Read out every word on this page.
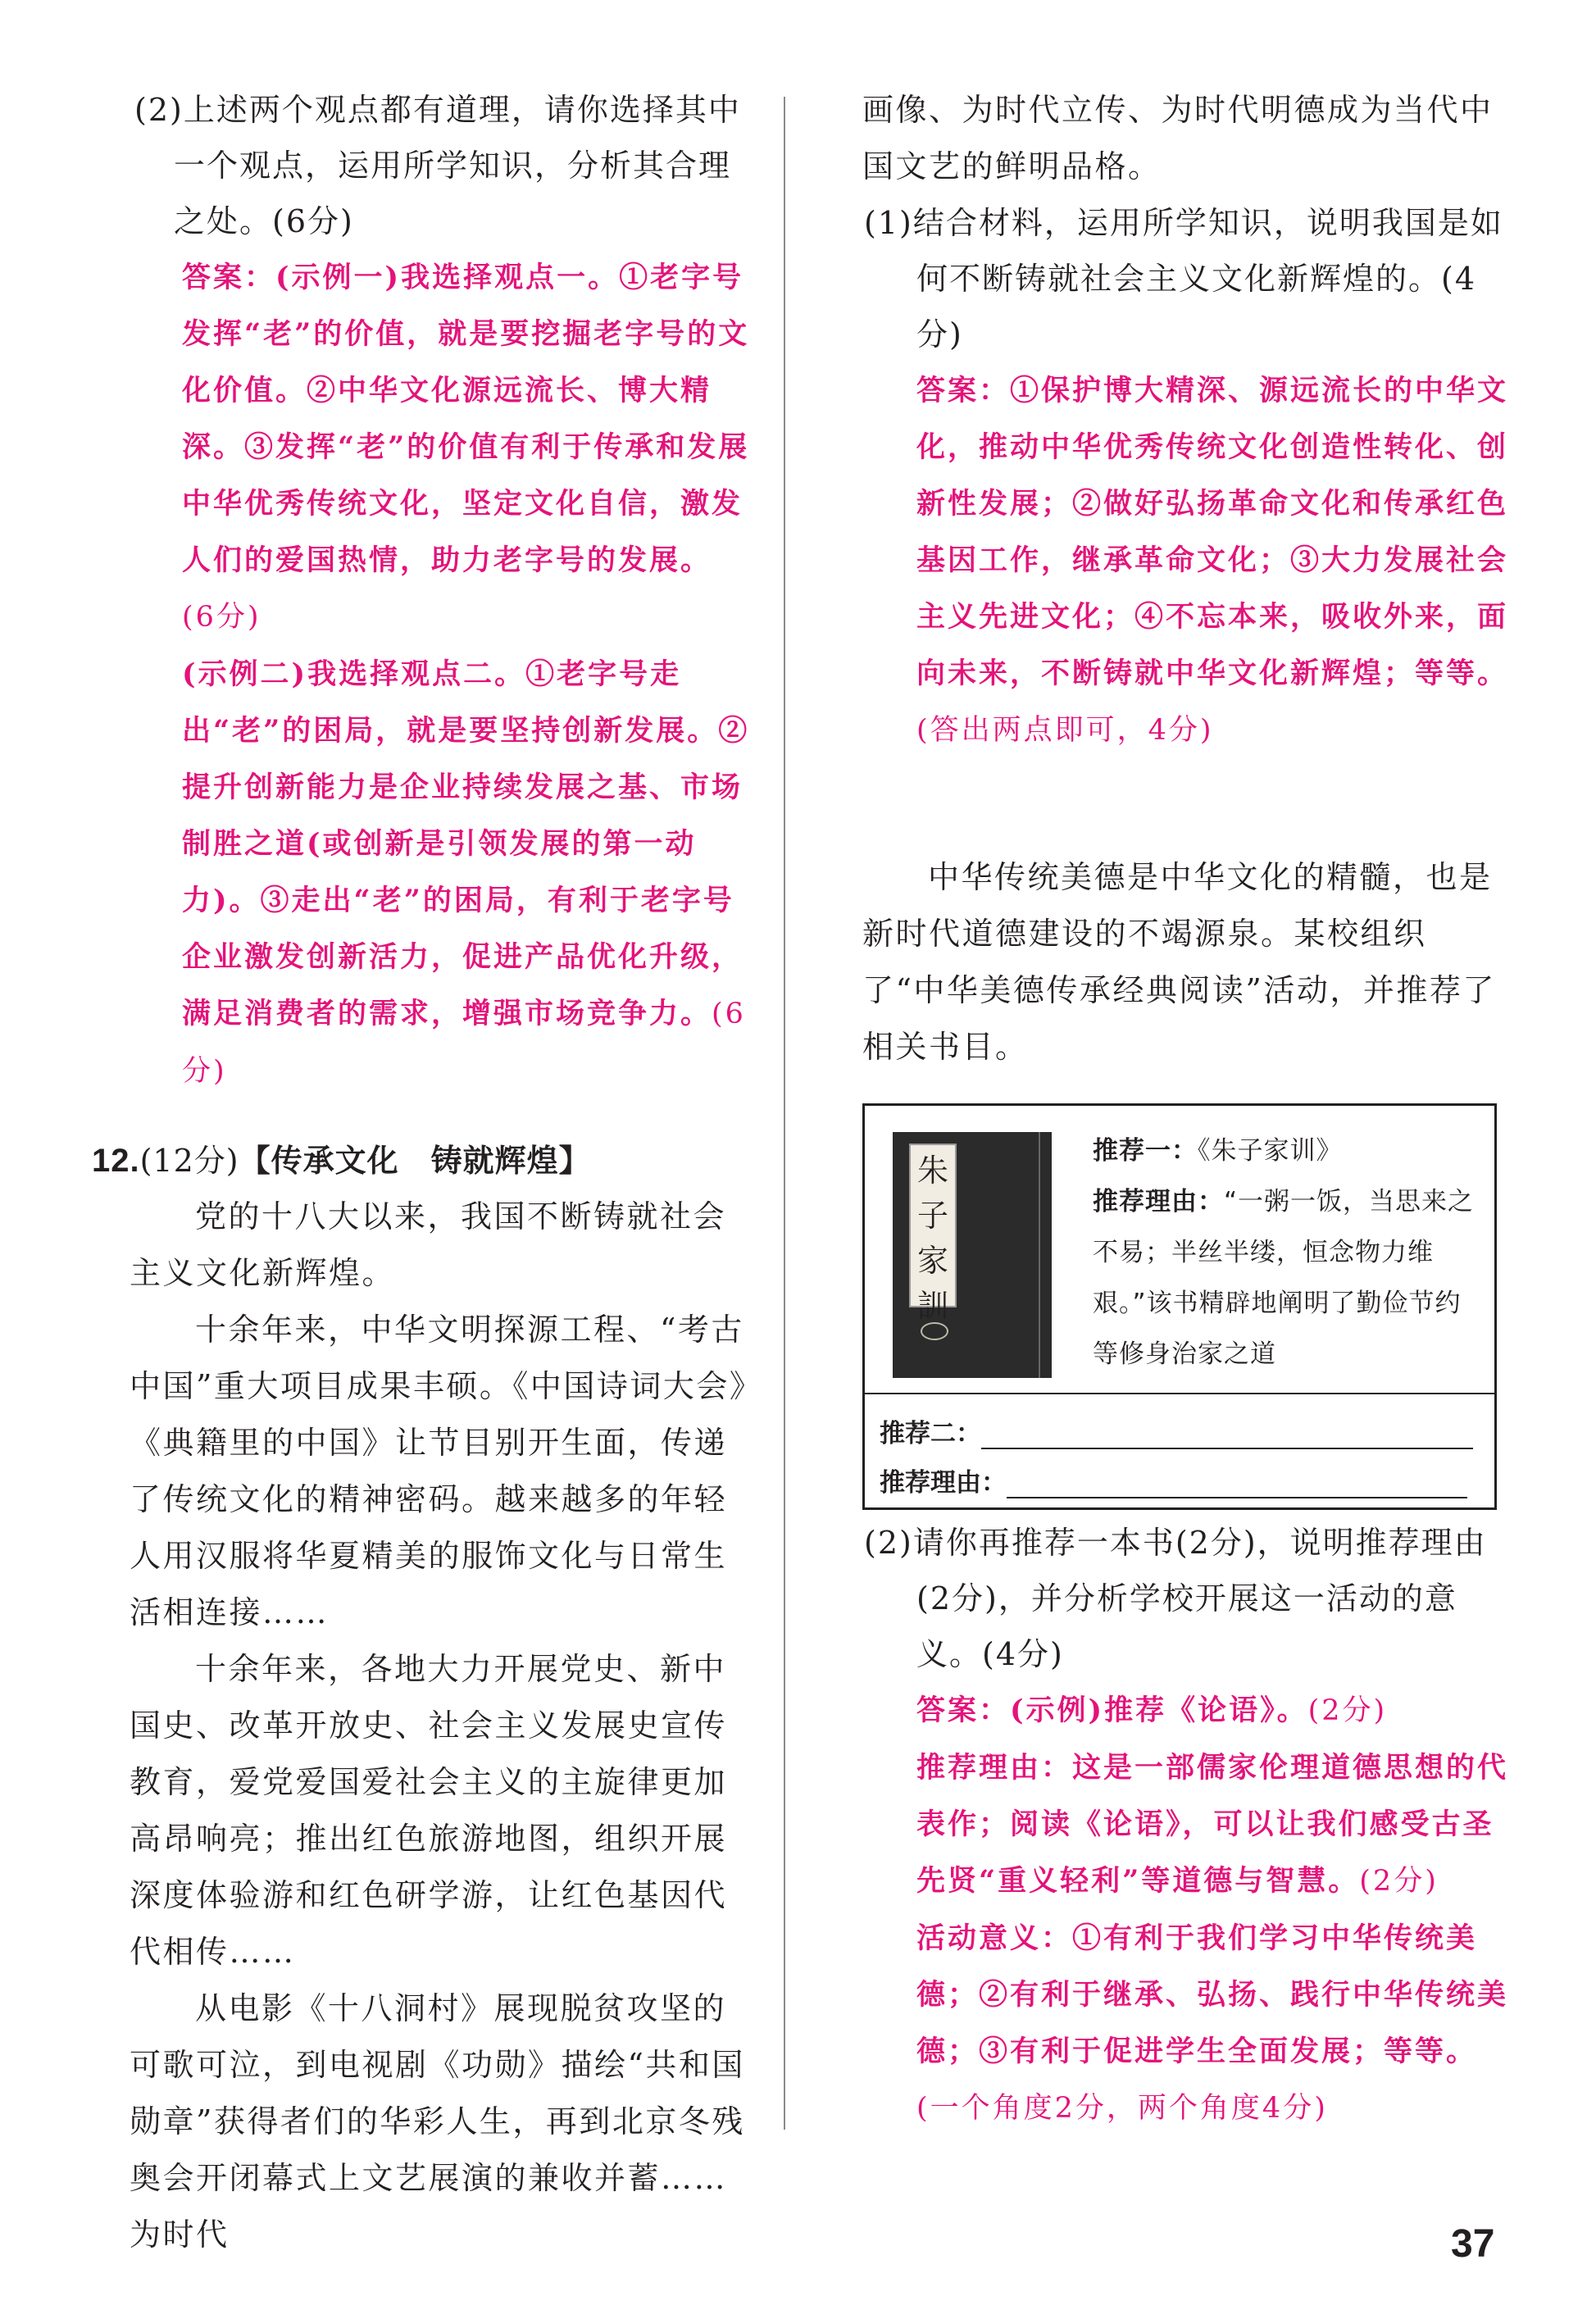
(2)上述两个观点都有道理，请你选择其中一个观点，运用所学知识，分析其合理之处。(6分)

答案：(示例一)我选择观点一。①老字号发挥“老”的价值，就是要挖掘老字号的文化价值。②中华文化源远流长、博大精深。③发挥“老”的价值有利于传承和发展中华优秀传统文化，坚定文化自信，激发人们的爱国热情，助力老字号的发展。
(6分)

(示例二)我选择观点二。①老字号走出“老”的困局，就是要坚持创新发展。②提升创新能力是企业持续发展之基、市场制胜之道(或创新是引领发展的第一动力)。③走出“老”的困局，有利于老字号企业激发创新活力，促进产品优化升级，满足消费者的需求，增强市场竞争力。(6分)

12.(12分)【传承文化　铸就辉煌】

党的十八大以来，我国不断铸就社会主义文化新辉煌。

十余年来，中华文明探源工程、“考古中国”重大项目成果丰硕。《中国诗词大会》《典籍里的中国》让节目别开生面，传递了传统文化的精神密码。越来越多的年轻人用汉服将华夏精美的服饰文化与日常生活相连接……

十余年来，各地大力开展党史、新中国史、改革开放史、社会主义发展史宣传教育，爱党爱国爱社会主义的主旋律更加高昂响亮；推出红色旅游地图，组织开展深度体验游和红色研学游，让红色基因代代相传……

从电影《十八洞村》展现脱贫攻坚的可歌可泣，到电视剧《功勋》描绘“共和国勋章”获得者们的华彩人生，再到北京冬残奥会开闭幕式上文艺展演的兼收并蓄……为时代

画像、为时代立传、为时代明德成为当代中国文艺的鲜明品格。

(1)结合材料，运用所学知识，说明我国是如何不断铸就社会主义文化新辉煌的。(4分)

答案：①保护博大精深、源远流长的中华文化，推动中华优秀传统文化创造性转化、创新性发展；②做好弘扬革命文化和传承红色基因工作，继承革命文化；③大力发展社会主义先进文化；④不忘本来，吸收外来，面向未来，不断铸就中华文化新辉煌；等等。(答出两点即可，4分)

中华传统美德是中华文化的精髓，也是新时代道德建设的不竭源泉。某校组织了“中华美德传承经典阅读”活动，并推荐了相关书目。

朱
子
家
訓
推荐一：《朱子家训》
推荐理由：“一粥一饭，当思来之不易；半丝半缕，恒念物力维艰。”该书精辟地阐明了勤俭节约等修身治家之道
推荐二：
推荐理由：

(2)请你再推荐一本书(2分)，说明推荐理由(2分)，并分析学校开展这一活动的意义。(4分)

答案：(示例)推荐《论语》。(2分)

推荐理由：这是一部儒家伦理道德思想的代表作；阅读《论语》，可以让我们感受古圣先贤“重义轻利”等道德与智慧。(2分)

活动意义：①有利于我们学习中华传统美德；②有利于继承、弘扬、践行中华传统美德；③有利于促进学生全面发展；等等。
(一个角度2分，两个角度4分)

37
